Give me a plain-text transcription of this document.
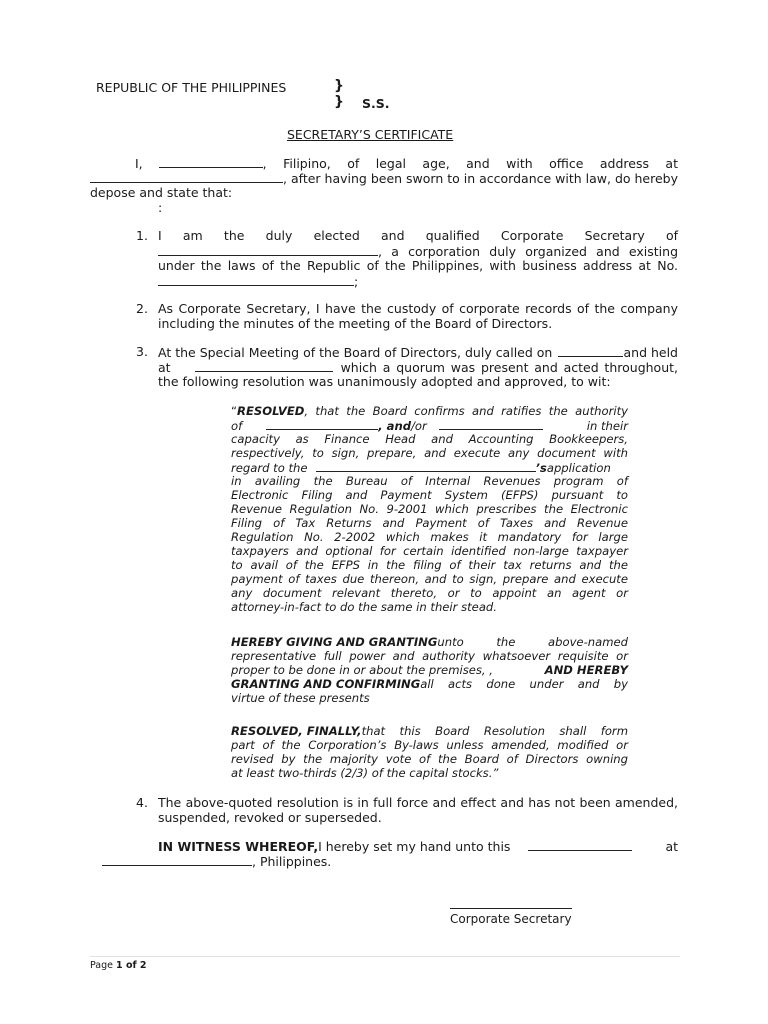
REPUBLIC OF THE PHILIPPINES	}
} S.S.
SECRETARY’S CERTIFICATE
I,	, Filipino, of legal age, and with office address at
, after having been sworn to in accordance with law, do hereby
depose and state that:
:
1. I am the duly elected and qualified Corporate Secretary of
, a corporation duly organized and existing
under the laws of the Republic of the Philippines, with business address at No.
;
2. As Corporate Secretary, I have the custody of corporate records of the company
including the minutes of the meeting of the Board of Directors.
3. At the Special Meeting of the Board of Directors, duly called on	and held
at	which a quorum was present and acted throughout,
the following resolution was unanimously adopted and approved, to wit:
“ RESOLVED , that the Board confirms and ratifies the authority
of	, and /or	in their
capacity as Finance Head and Accounting Bookkeepers,
respectively, to sign, prepare, and execute any document with
regard to the	’s application
in availing the Bureau of Internal Revenues program of
Electronic Filing and Payment System (EFPS) pursuant to
Revenue Regulation No. 9-2001 which prescribes the Electronic
Filing of Tax Returns and Payment of Taxes and Revenue
Regulation No. 2-2002 which makes it mandatory for large
taxpayers and optional for certain identified non-large taxpayer
to avail of the EFPS in the filing of their tax returns and the
payment of taxes due thereon, and to sign, prepare and execute
any document relevant thereto, or to appoint an agent or
attorney-in-fact to do the same in their stead.
HEREBY GIVING AND GRANTING unto the above-named
representative full power and authority whatsoever requisite or
proper to be done in or about the premises, ,	AND HEREBY
GRANTING AND CONFIRMING all acts done under and by
virtue of these presents
RESOLVED, FINALLY, that this Board Resolution shall form
part of the Corporation’s By-laws unless amended, modified or
revised by the majority vote of the Board of Directors owning
at least two-thirds (2/3) of the capital stocks.”
4. The above-quoted resolution is in full force and effect and has not been amended,
suspended, revoked or superseded.
IN WITNESS WHEREOF, I hereby set my hand unto this	at
, Philippines.
Corporate Secretary
Page 1 of 2
